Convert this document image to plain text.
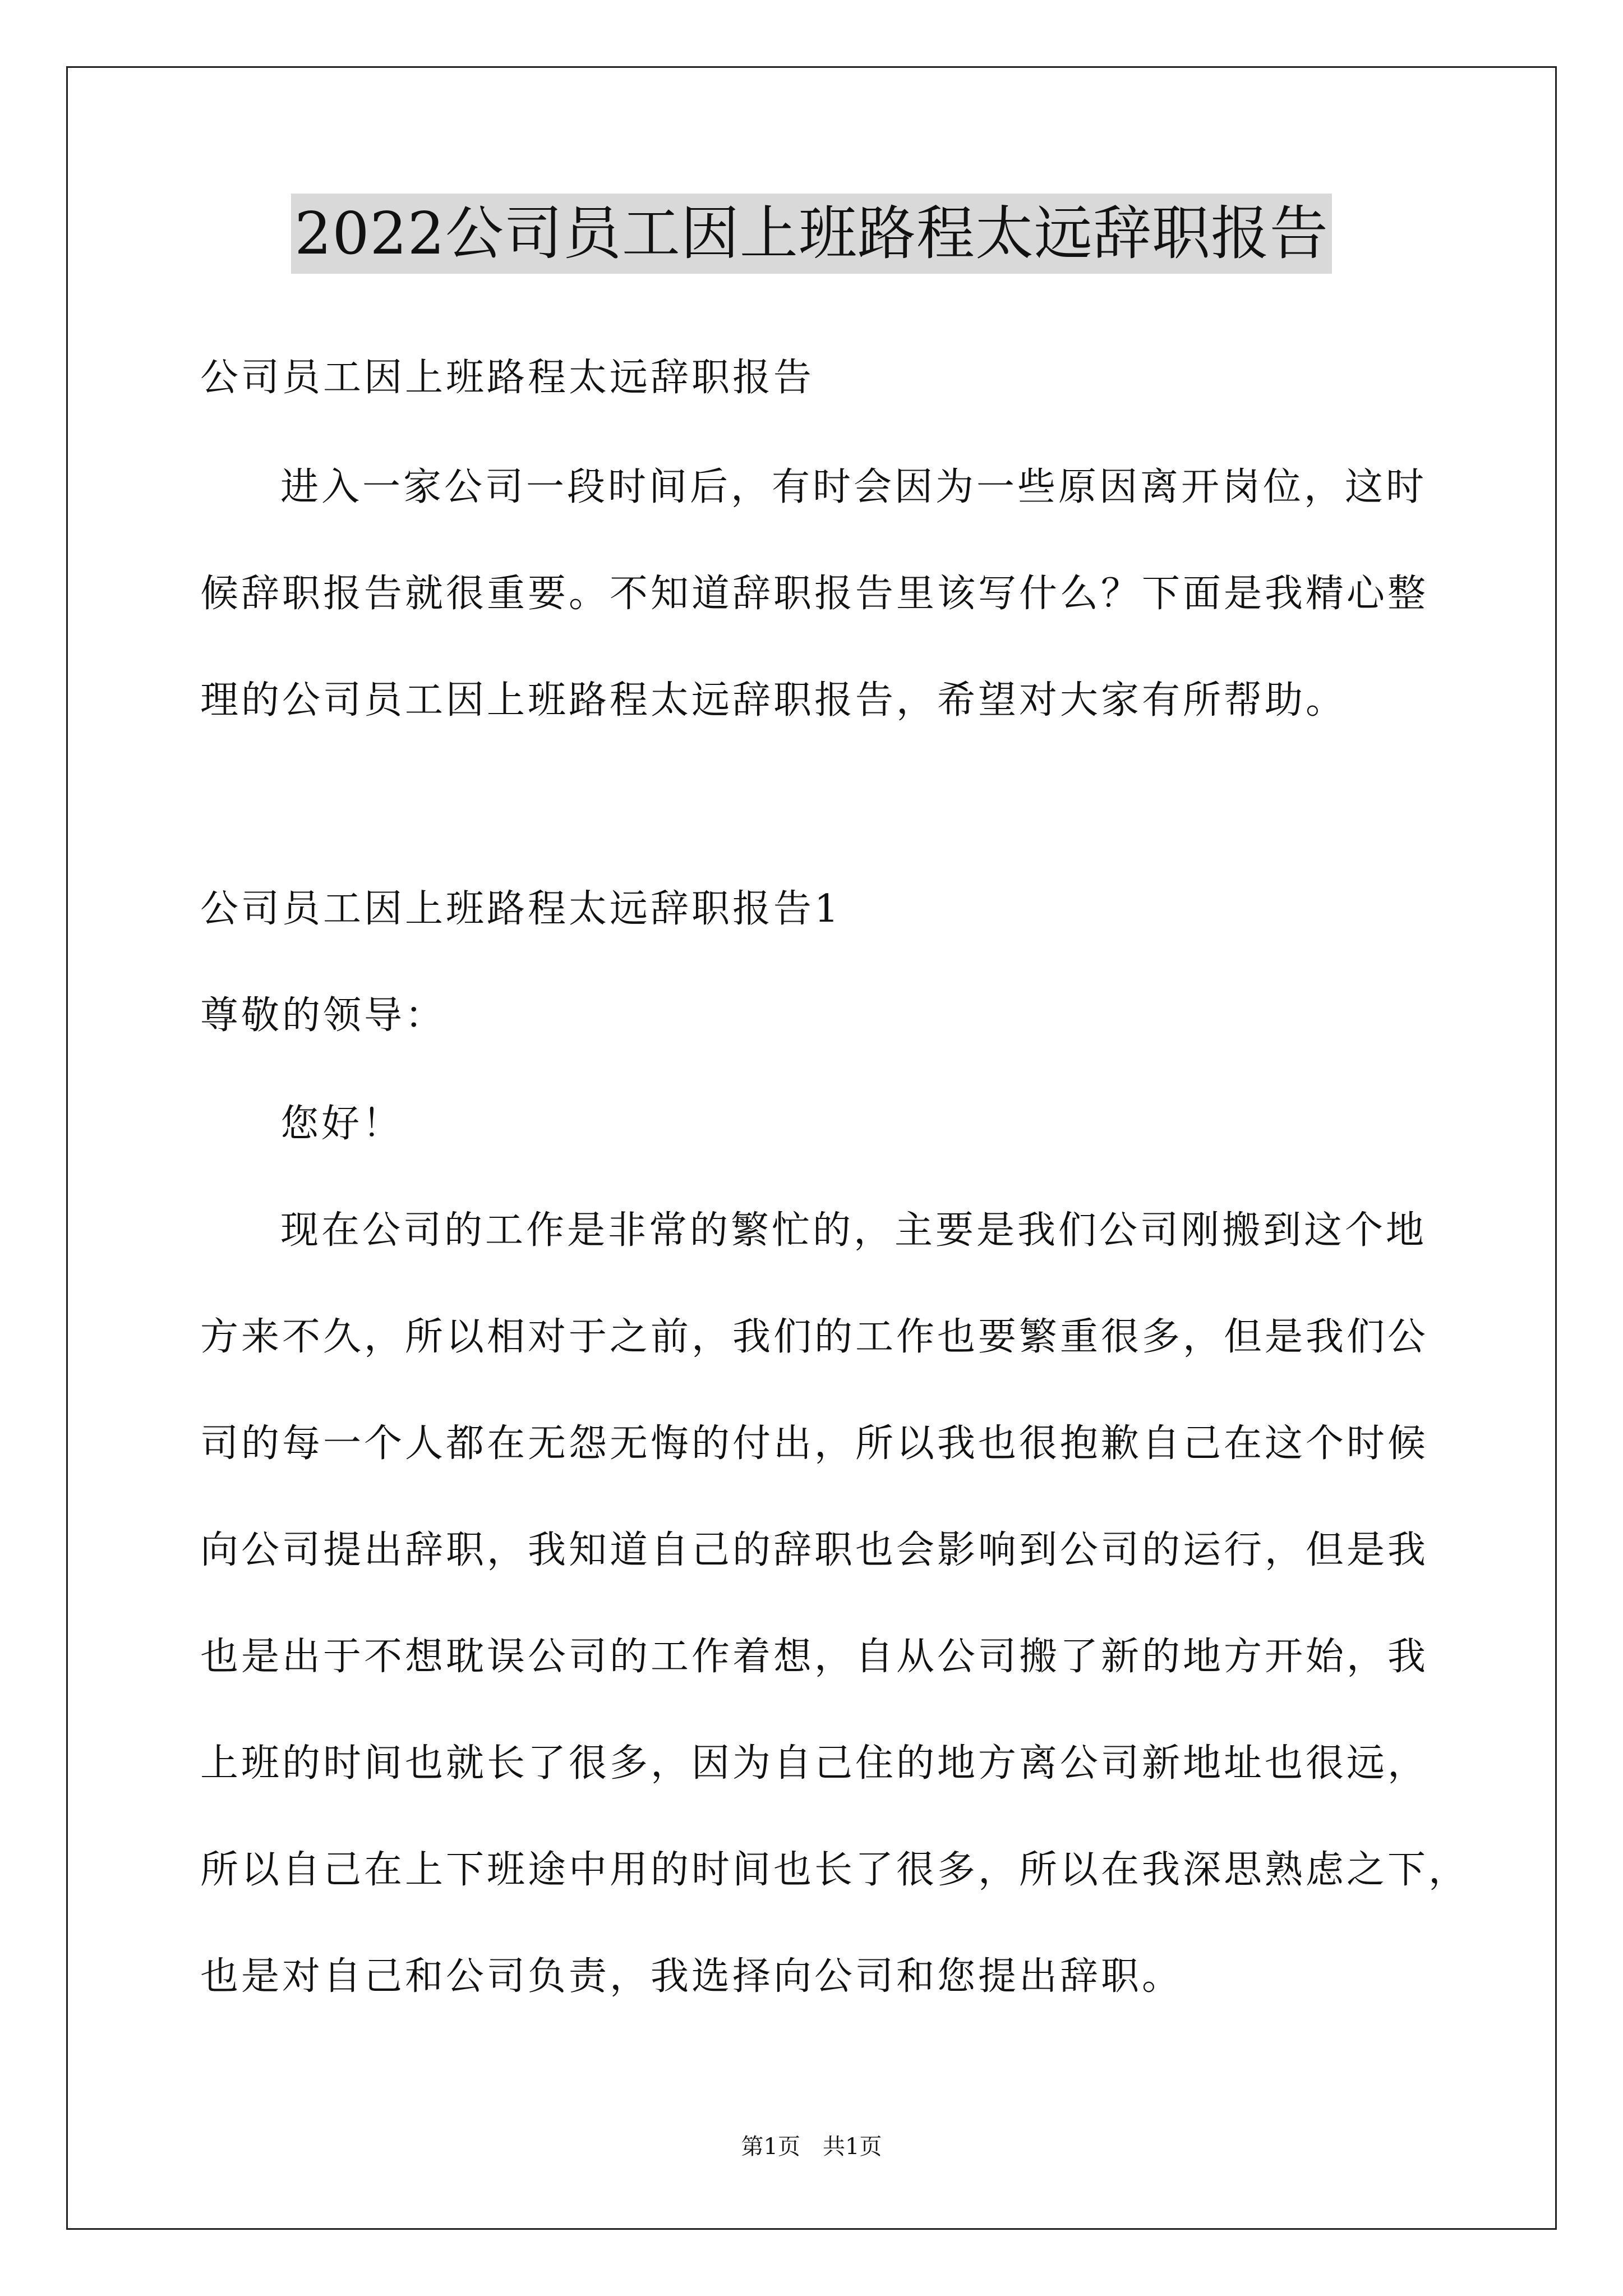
2022公司员工因上班路程太远辞职报告
公司员工因上班路程太远辞职报告
进入一家公司一段时间后，有时会因为一些原因离开岗位，这时
候辞职报告就很重要。不知道辞职报告里该写什么？下面是我精心整
理的公司员工因上班路程太远辞职报告，希望对大家有所帮助。
公司员工因上班路程太远辞职报告1
尊敬的领导：
您好！
现在公司的工作是非常的繁忙的，主要是我们公司刚搬到这个地
方来不久，所以相对于之前，我们的工作也要繁重很多，但是我们公
司的每一个人都在无怨无悔的付出，所以我也很抱歉自己在这个时候
向公司提出辞职，我知道自己的辞职也会影响到公司的运行，但是我
也是出于不想耽误公司的工作着想，自从公司搬了新的地方开始，我
上班的时间也就长了很多，因为自己住的地方离公司新地址也很远，
所以自己在上下班途中用的时间也长了很多，所以在我深思熟虑之下，
也是对自己和公司负责，我选择向公司和您提出辞职。
第1页　共1页
